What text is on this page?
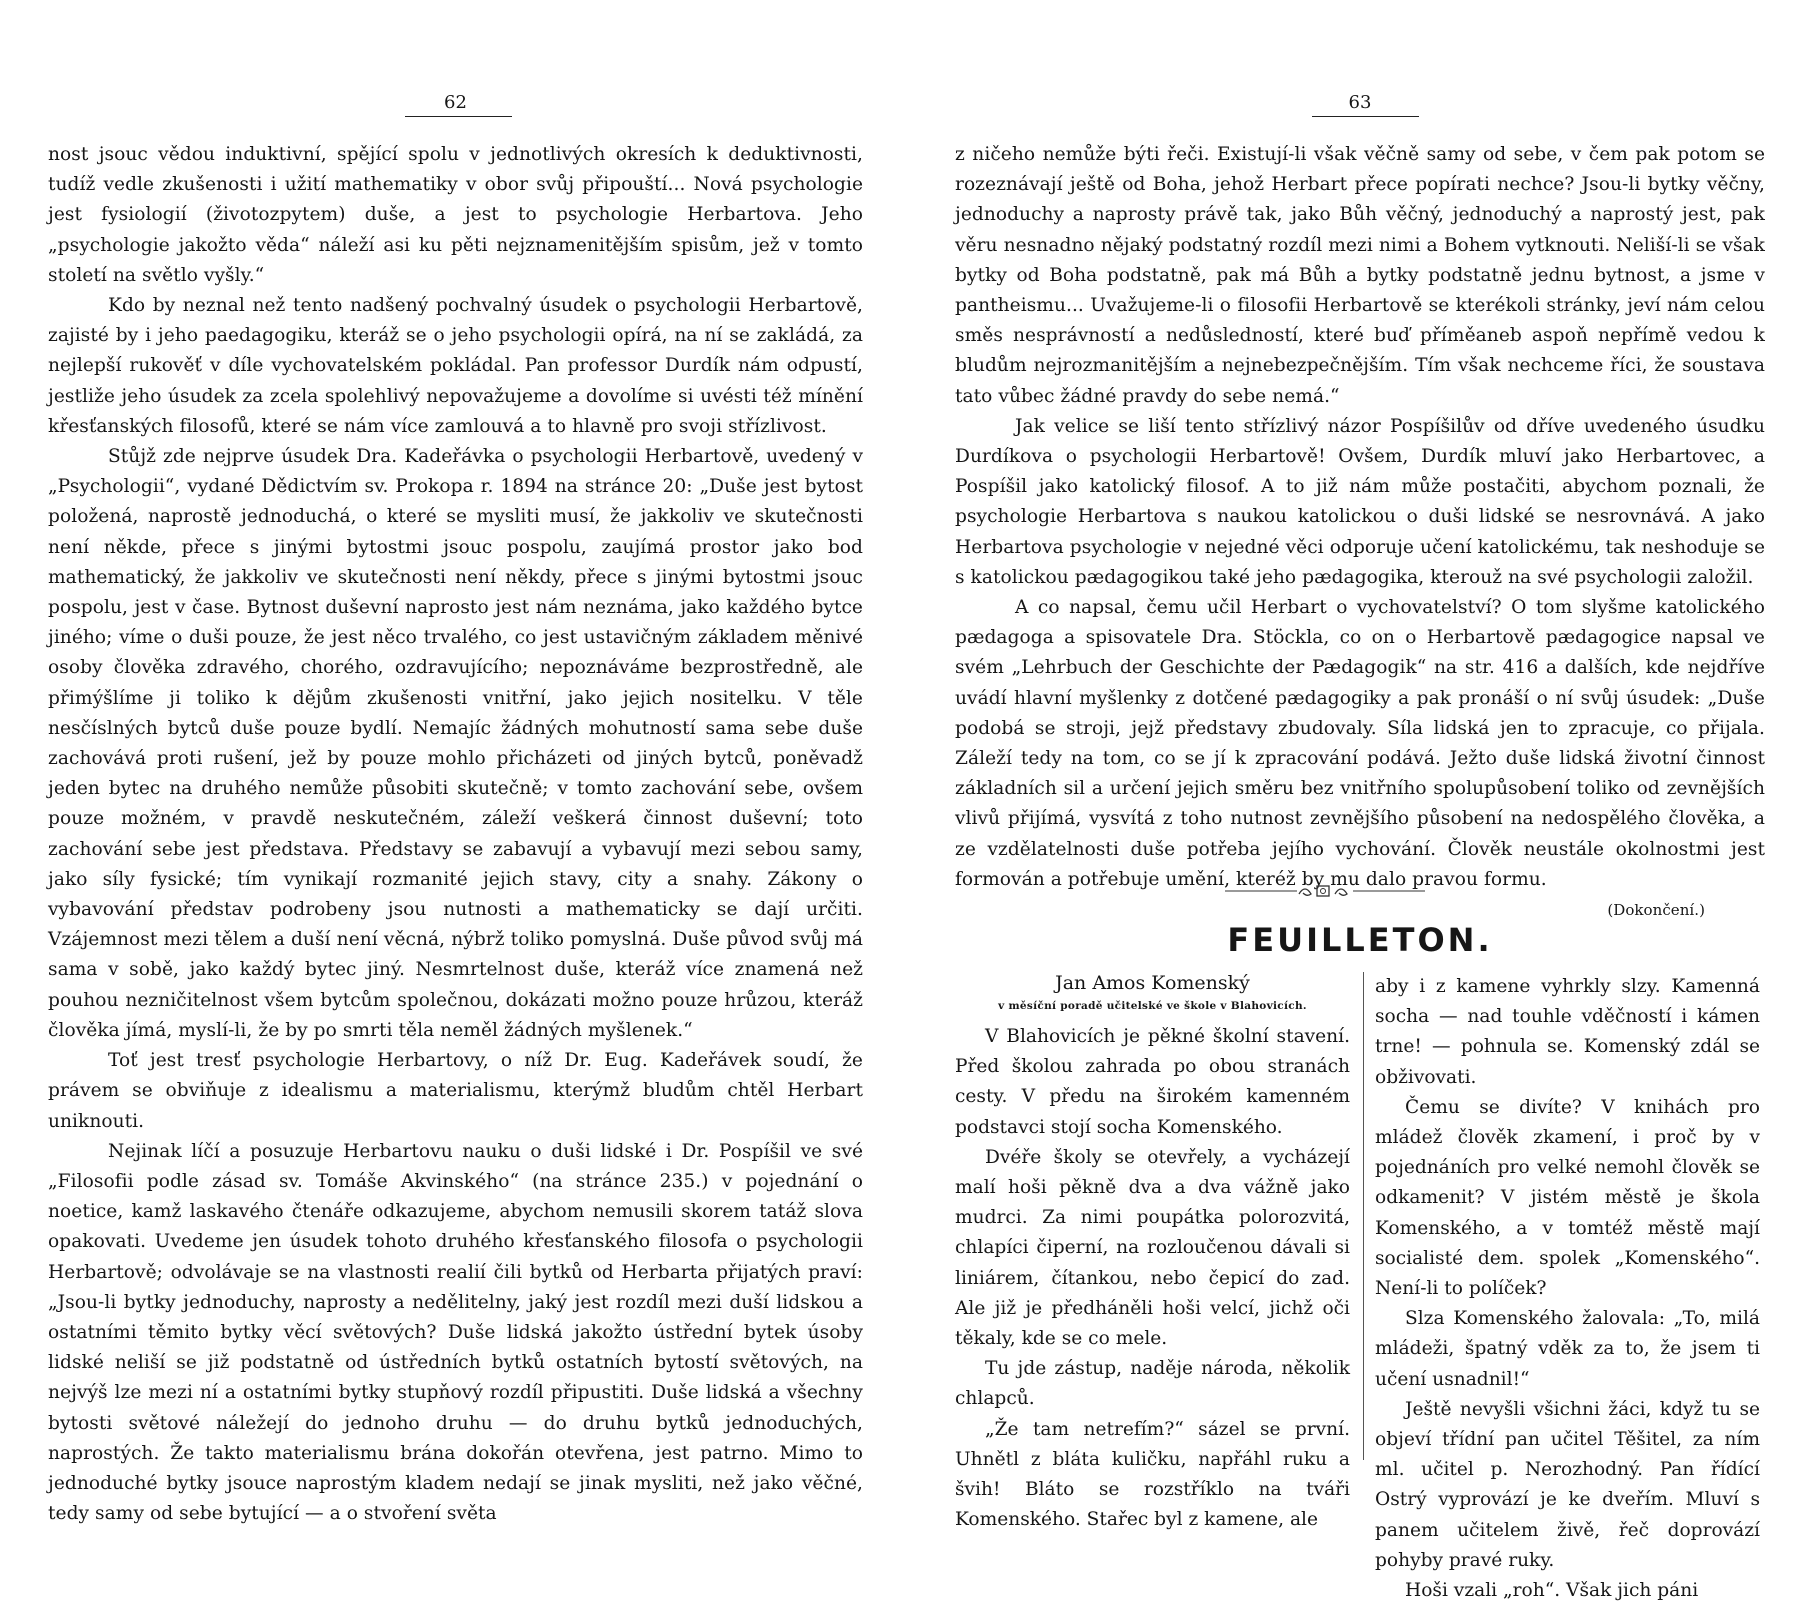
62

nost jsouc vědou induktivní, spějící spolu v jednotlivých okresích k deduktivnosti, tudíž vedle zkušenosti i užití mathematiky v obor svůj připouští... Nová psychologie jest fysiologií (životozpytem) duše, a jest to psychologie Herbartova. Jeho „psychologie jakožto věda“ náleží asi ku pěti nejznamenitějším spisům, jež v tomto století na světlo vyšly.“

Kdo by neznal než tento nadšený pochvalný úsudek o psychologii Herbartově, zajisté by i jeho paedagogiku, kteráž se o jeho psychologii opírá, na ní se zakládá, za nejlepší rukověť v díle vychovatelském pokládal. Pan professor Durdík nám odpustí, jestliže jeho úsudek za zcela spolehlivý nepovažujeme a dovolíme si uvésti též mínění křesťanských filosofů, které se nám více zamlouvá a to hlavně pro svoji střízlivost.

Stůjž zde nejprve úsudek Dra. Kadeřávka o psychologii Herbartově, uvedený v „Psychologii“, vydané Dědictvím sv. Prokopa r. 1894 na stránce 20: „Duše jest bytost položená, naprostě jednoduchá, o které se mysliti musí, že jakkoliv ve skutečnosti není někde, přece s jinými bytostmi jsouc pospolu, zaujímá prostor jako bod mathematický, že jakkoliv ve skutečnosti není někdy, přece s jinými bytostmi jsouc pospolu, jest v čase. Bytnost duševní naprosto jest nám neznáma, jako každého bytce jiného; víme o duši pouze, že jest něco trvalého, co jest ustavičným základem měnivé osoby člověka zdravého, chorého, ozdravujícího; nepoznáváme bezprostředně, ale přimýšlíme ji toliko k dějům zkušenosti vnitřní, jako jejich nositelku. V těle nesčíslných bytců duše pouze bydlí. Nemajíc žádných mohutností sama sebe duše zachovává proti rušení, jež by pouze mohlo přicházeti od jiných bytců, poněvadž jeden bytec na druhého nemůže působiti skutečně; v tomto zachování sebe, ovšem pouze možném, v pravdě neskutečném, záleží veškerá činnost duševní; toto zachování sebe jest představa. Představy se zabavují a vybavují mezi sebou samy, jako síly fysické; tím vynikají rozmanité jejich stavy, city a snahy. Zákony o vybavování představ podrobeny jsou nutnosti a mathematicky se dají určiti. Vzájemnost mezi tělem a duší není věcná, nýbrž toliko pomyslná. Duše původ svůj má sama v sobě, jako každý bytec jiný. Nesmrtelnost duše, kteráž více znamená než pouhou nezničitelnost všem bytcům společnou, dokázati možno pouze hrůzou, kteráž člověka jímá, myslí-li, že by po smrti těla neměl žádných myšlenek.“

Toť jest tresť psychologie Herbartovy, o níž Dr. Eug. Kadeřávek soudí, že právem se obviňuje z idealismu a materialismu, kterýmž bludům chtěl Herbart uniknouti.

Nejinak líčí a posuzuje Herbartovu nauku o duši lidské i Dr. Pospíšil ve své „Filosofii podle zásad sv. Tomáše Akvinského“ (na stránce 235.) v pojednání o noetice, kamž laskavého čtenáře odkazujeme, abychom nemusili skorem tatáž slova opakovati. Uvedeme jen úsudek tohoto druhého křesťanského filosofa o psychologii Herbartově; odvolávaje se na vlastnosti realií čili bytků od Herbarta přijatých praví: „Jsou-li bytky jednoduchy, naprosty a nedělitelny, jaký jest rozdíl mezi duší lidskou a ostatními těmito bytky věcí světových? Duše lidská jakožto ústřední bytek úsoby lidské neliší se již podstatně od ústředních bytků ostatních bytostí světových, na nejvýš lze mezi ní a ostatními bytky stupňový rozdíl připustiti. Duše lidská a všechny bytosti světové náležejí do jednoho druhu — do druhu bytků jednoduchých, naprostých. Že takto materialismu brána dokořán otevřena, jest patrno. Mimo to jednoduché bytky jsouce naprostým kladem nedají se jinak mysliti, než jako věčné, tedy samy od sebe bytující — a o stvoření světa

63

z ničeho nemůže býti řeči. Existují-li však věčně samy od sebe, v čem pak potom se rozeznávají ještě od Boha, jehož Herbart přece popírati nechce? Jsou-li bytky věčny, jednoduchy a naprosty právě tak, jako Bůh věčný, jednoduchý a naprostý jest, pak věru nesnadno nějaký podstatný rozdíl mezi nimi a Bohem vytknouti. Neliší-li se však bytky od Boha podstatně, pak má Bůh a bytky podstatně jednu bytnost, a jsme v pantheismu... Uvažujeme-li o filosofii Herbartově se kterékoli stránky, jeví nám celou směs nesprávností a nedůsledností, které buď příměaneb aspoň nepřímě vedou k bludům nejrozmanitějším a nejnebezpečnějším. Tím však nechceme říci, že soustava tato vůbec žádné pravdy do sebe nemá.“

Jak velice se liší tento střízlivý názor Pospíšilův od dříve uvedeného úsudku Durdíkova o psychologii Herbartově! Ovšem, Durdík mluví jako Herbartovec, a Pospíšil jako katolický filosof. A to již nám může postačiti, abychom poznali, že psychologie Herbartova s naukou katolickou o duši lidské se nesrovnává. A jako Herbartova psychologie v nejedné věci odporuje učení katolickému, tak neshoduje se s katolickou pædagogikou také jeho pædagogika, kterouž na své psychologii založil.

A co napsal, čemu učil Herbart o vychovatelství? O tom slyšme katolického pædagoga a spisovatele Dra. Stöckla, co on o Herbartově pædagogice napsal ve svém „Lehrbuch der Geschichte der Pædagogik“ na str. 416 a dalších, kde nejdříve uvádí hlavní myšlenky z dotčené pædagogiky a pak pronáší o ní svůj úsudek: „Duše podobá se stroji, jejž představy zbudovaly. Síla lidská jen to zpracuje, co přijala. Záleží tedy na tom, co se jí k zpracování podává. Ježto duše lidská životní činnost základních sil a určení jejich směru bez vnitřního spolupůsobení toliko od zevnějších vlivů přijímá, vysvítá z toho nutnost zevnějšího působení na nedospělého člověka, a ze vzdělatelnosti duše potřeba jejího vychování. Člověk neustále okolnostmi jest formován a potřebuje umění, kteréž by mu dalo pravou formu.

(Dokončení.)
FEUILLETON.
Jan Amos Komenský
v měsíční poradě učitelské ve škole v Blahovicích.

V Blahovicích je pěkné školní stavení. Před školou zahrada po obou stranách cesty. V předu na širokém kamenném podstavci stojí socha Komenského.

Dvéře školy se otevřely, a vycházejí malí hoši pěkně dva a dva vážně jako mudrci. Za nimi poupátka polorozvitá, chlapíci čiperní, na rozloučenou dávali si liniárem, čítankou, nebo čepicí do zad. Ale již je předháněli hoši velcí, jichž oči těkaly, kde se co mele.

Tu jde zástup, naděje národa, několik chlapců.

„Že tam netrefím?“ sázel se první. Uhnětl z bláta kuličku, napřáhl ruku a švih! Bláto se rozstříklo na tváři Komenského. Stařec byl z kamene, ale

aby i z kamene vyhrkly slzy. Kamenná socha — nad touhle vděčností i kámen trne! — pohnula se. Komenský zdál se obživovati.

Čemu se divíte? V knihách pro mládež člověk zkamení, i proč by v pojednáních pro velké nemohl člověk se odkamenit? V jistém městě je škola Komenského, a v tomtéž městě mají socialisté dem. spolek „Komenského“. Není-li to políček?

Slza Komenského žalovala: „To, milá mládeži, špatný vděk za to, že jsem ti učení usnadnil!“

Ještě nevyšli všichni žáci, když tu se objeví třídní pan učitel Těšitel, za ním ml. učitel p. Nerozhodný. Pan řídící Ostrý vyprovází je ke dveřím. Mluví s panem učitelem živě, řeč doprovází pohyby pravé ruky.

Hoši vzali „roh“. Však jich páni
